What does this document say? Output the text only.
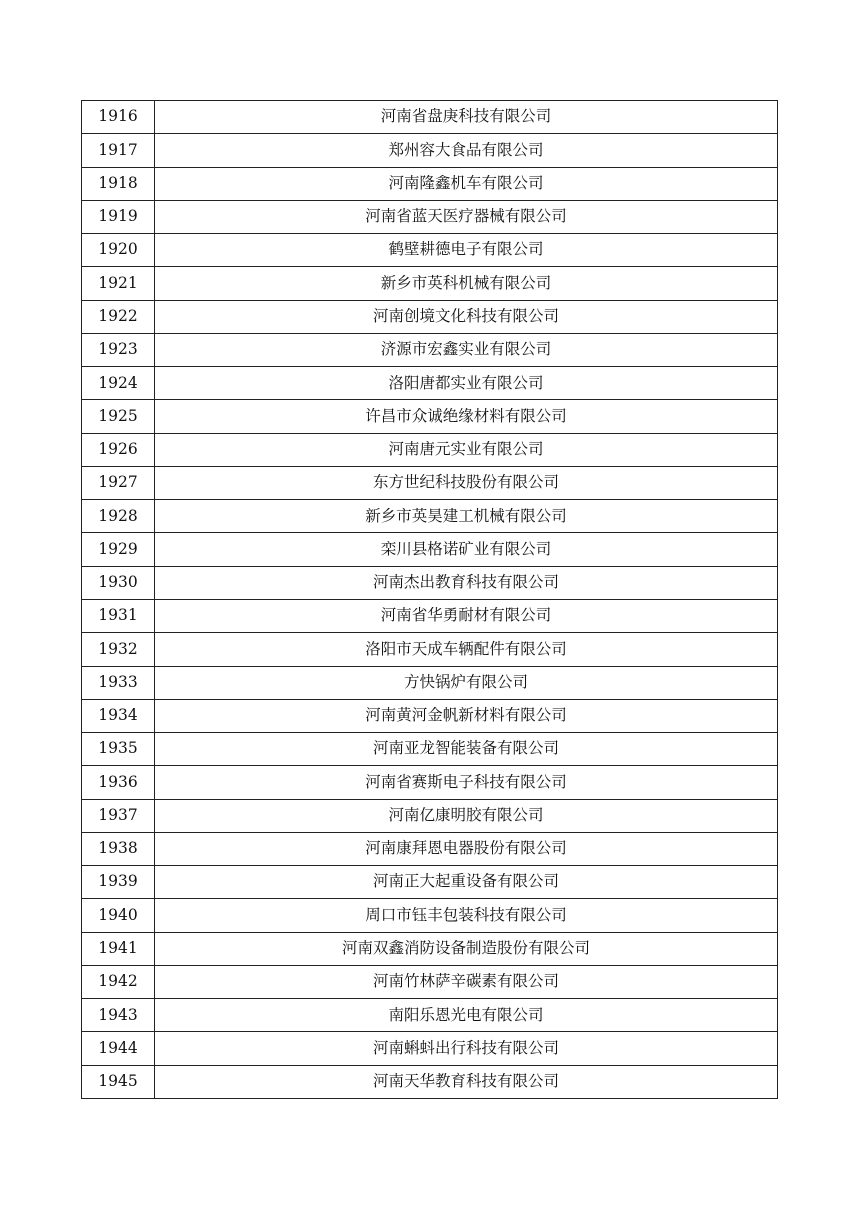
1916	河南省盘庚科技有限公司
1917	郑州容大食品有限公司
1918	河南隆鑫机车有限公司
1919	河南省蓝天医疗器械有限公司
1920	鹤壁耕德电子有限公司
1921	新乡市英科机械有限公司
1922	河南创境文化科技有限公司
1923	济源市宏鑫实业有限公司
1924	洛阳唐都实业有限公司
1925	许昌市众诚绝缘材料有限公司
1926	河南唐元实业有限公司
1927	东方世纪科技股份有限公司
1928	新乡市英昊建工机械有限公司
1929	栾川县格诺矿业有限公司
1930	河南杰出教育科技有限公司
1931	河南省华勇耐材有限公司
1932	洛阳市天成车辆配件有限公司
1933	方快锅炉有限公司
1934	河南黄河金帆新材料有限公司
1935	河南亚龙智能装备有限公司
1936	河南省赛斯电子科技有限公司
1937	河南亿康明胶有限公司
1938	河南康拜恩电器股份有限公司
1939	河南正大起重设备有限公司
1940	周口市钰丰包装科技有限公司
1941	河南双鑫消防设备制造股份有限公司
1942	河南竹林萨辛碳素有限公司
1943	南阳乐恩光电有限公司
1944	河南蝌蚪出行科技有限公司
1945	河南天华教育科技有限公司
